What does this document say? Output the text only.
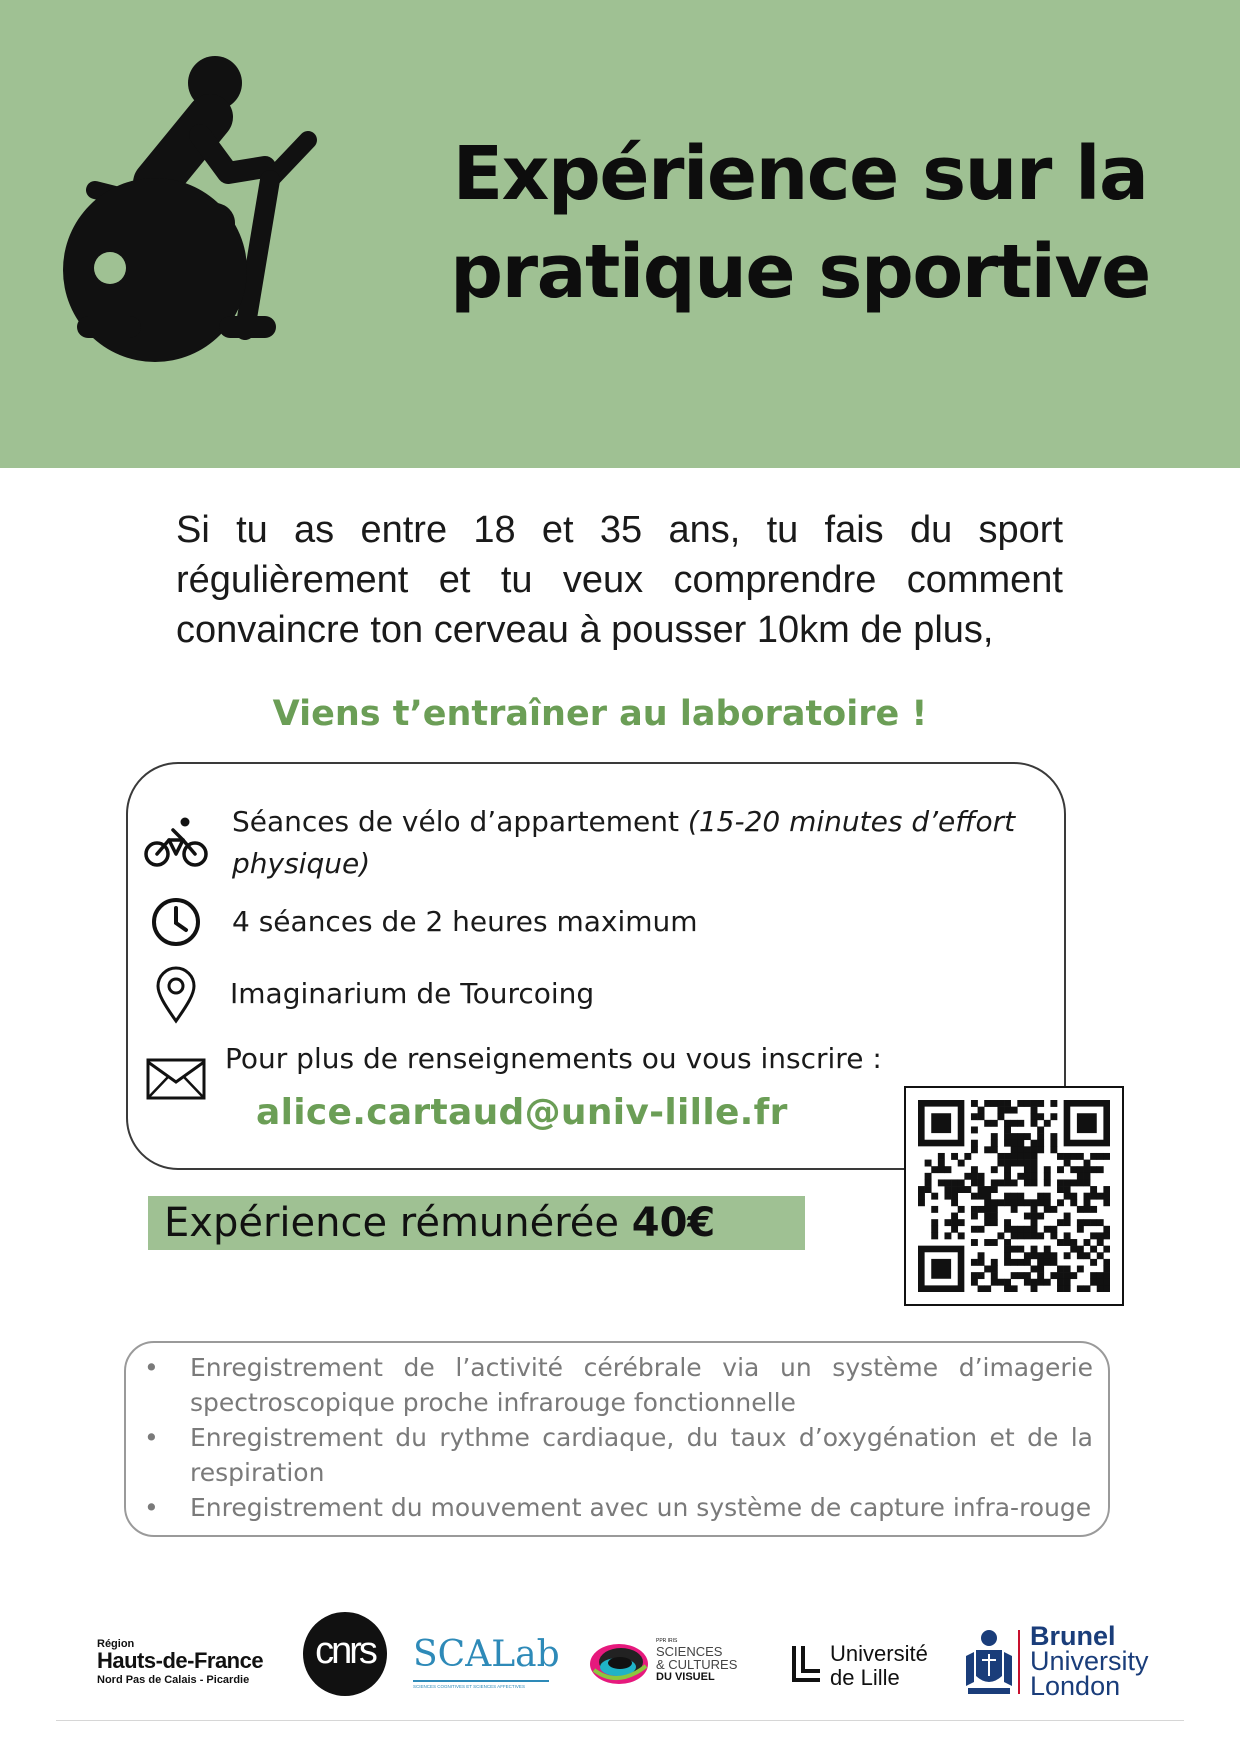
Expérience sur la
pratique sportive
Si tu as entre 18 et 35 ans, tu fais du sport régulièrement et tu veux comprendre comment convaincre ton cerveau à pousser 10km de plus,
Viens t’entraîner au laboratoire !
Séances de vélo d’appartement (15-20 minutes d’effort physique)
4 séances de 2 heures maximum
Imaginarium de Tourcoing
Pour plus de renseignements ou vous inscrire :
alice.cartaud@univ-lille.fr
Expérience rémunérée 40€
• Enregistrement de l’activité cérébrale via un système d’imagerie spectroscopique proche infrarouge fonctionnelle
• Enregistrement du rythme cardiaque, du taux d’oxygénation et de la respiration
• Enregistrement du mouvement avec un système de capture infra-rouge
Région
Hauts-de-France
Nord Pas de Calais - Picardie
cnrs	SCALab
SCIENCES COGNITIVES ET SCIENCES AFFECTIVES
PPR IRIS
SCIENCES
& CULTURES
DU VISUEL
Université
de Lille
Brunel
University
London
